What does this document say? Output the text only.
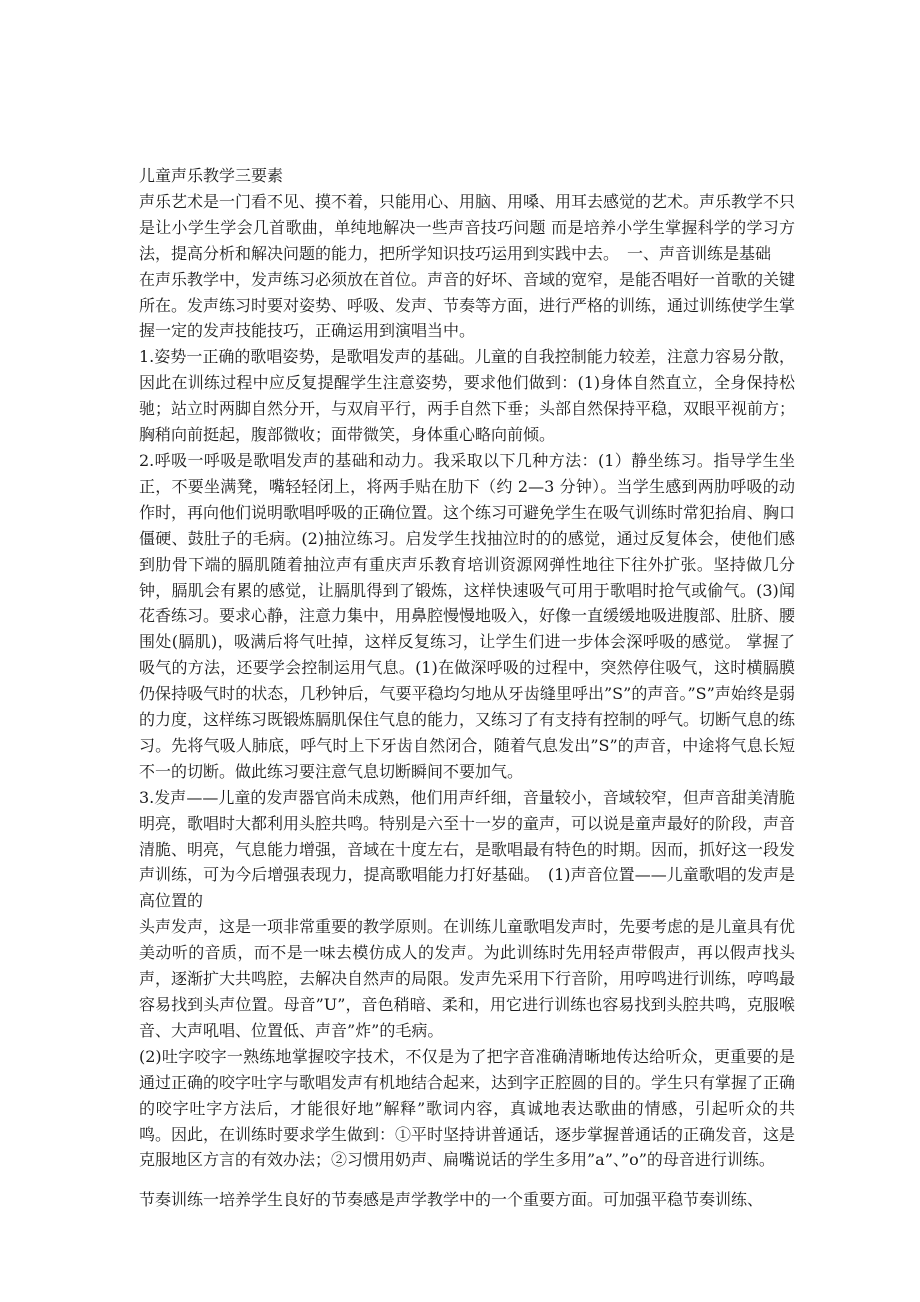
儿童声乐教学三要素

声乐艺术是一门看不见、摸不着，只能用心、用脑、用嗓、用耳去感觉的艺术。声乐教学不只是让小学生学会几首歌曲，单纯地解决一些声音技巧问题 而是培养小学生掌握科学的学习方法，提高分析和解决问题的能力，把所学知识技巧运用到实践中去。　一、声音训练是基础

在声乐教学中，发声练习必须放在首位。声音的好坏、音域的宽窄，是能否唱好一首歌的关键所在。发声练习时要对姿势、呼吸、发声、节奏等方面，进行严格的训练，通过训练使学生掌握一定的发声技能技巧，正确运用到演唱当中。

1.姿势一正确的歌唱姿势，是歌唱发声的基础。儿童的自我控制能力较差，注意力容易分散，因此在训练过程中应反复提醒学生注意姿势，要求他们做到：(1)身体自然直立，全身保持松驰；站立时两脚自然分开，与双肩平行，两手自然下垂；头部自然保持平稳，双眼平视前方；胸稍向前挺起，腹部微收；面带微笑，身体重心略向前倾。

2.呼吸一呼吸是歌唱发声的基础和动力。我采取以下几种方法：(1）静坐练习。指导学生坐正，不要坐满凳，嘴轻轻闭上，将两手贴在肋下（约 2—3 分钟）。当学生感到两肋呼吸的动作时，再向他们说明歌唱呼吸的正确位置。这个练习可避免学生在吸气训练时常犯抬肩、胸口僵硬、鼓肚子的毛病。(2)抽泣练习。启发学生找抽泣时的的感觉，通过反复体会，使他们感到肋骨下端的膈肌随着抽泣声有重庆声乐教育培训资源网弹性地往下往外扩张。坚持做几分钟，膈肌会有累的感觉，让膈肌得到了锻炼，这样快速吸气可用于歌唱时抢气或偷气。(3)闻花香练习。要求心静，注意力集中，用鼻腔慢慢地吸入，好像一直缓缓地吸进腹部、肚脐、腰围处(膈肌)，吸满后将气吐掉，这样反复练习，让学生们进一步体会深呼吸的感觉。 掌握了吸气的方法，还要学会控制运用气息。(1)在做深呼吸的过程中，突然停住吸气，这时横膈膜仍保持吸气时的状态，几秒钟后，气要平稳均匀地从牙齿缝里呼出”S”的声音。”S”声始终是弱的力度，这样练习既锻炼膈肌保住气息的能力，又练习了有支持有控制的呼气。切断气息的练习。先将气吸人肺底，呼气时上下牙齿自然闭合，随着气息发出”S”的声音，中途将气息长短不一的切断。做此练习要注意气息切断瞬间不要加气。

3.发声——儿童的发声器官尚未成熟，他们用声纤细，音量较小，音域较窄，但声音甜美清脆明亮，歌唱时大都利用头腔共鸣。特别是六至十一岁的童声，可以说是童声最好的阶段，声音清脆、明亮，气息能力增强，音域在十度左右，是歌唱最有特色的时期。因而，抓好这一段发声训练，可为今后增强表现力，提高歌唱能力打好基础。　(1)声音位置——儿童歌唱的发声是高位置的

头声发声，这是一项非常重要的教学原则。在训练儿童歌唱发声时，先要考虑的是儿童具有优美动听的音质，而不是一味去模仿成人的发声。为此训练时先用轻声带假声，再以假声找头声，逐渐扩大共鸣腔，去解决自然声的局限。发声先采用下行音阶，用哼鸣进行训练，哼鸣最容易找到头声位置。母音”U”，音色稍暗、柔和，用它进行训练也容易找到头腔共鸣，克服喉音、大声吼唱、位置低、声音”炸”的毛病。

(2)吐字咬字一熟练地掌握咬字技术，不仅是为了把字音准确清晰地传达给听众，更重要的是通过正确的咬字吐字与歌唱发声有机地结合起来，达到字正腔圆的目的。学生只有掌握了正确的咬字吐字方法后，才能很好地”解释”歌词内容，真诚地表达歌曲的情感，引起听众的共鸣。因此，在训练时要求学生做到：①平时坚持讲普通话，逐步掌握普通话的正确发音，这是克服地区方言的有效办法；②习惯用奶声、扁嘴说话的学生多用”a”、”o”的母音进行训练。

节奏训练一培养学生良好的节奏感是声学教学中的一个重要方面。可加强平稳节奏训练、
